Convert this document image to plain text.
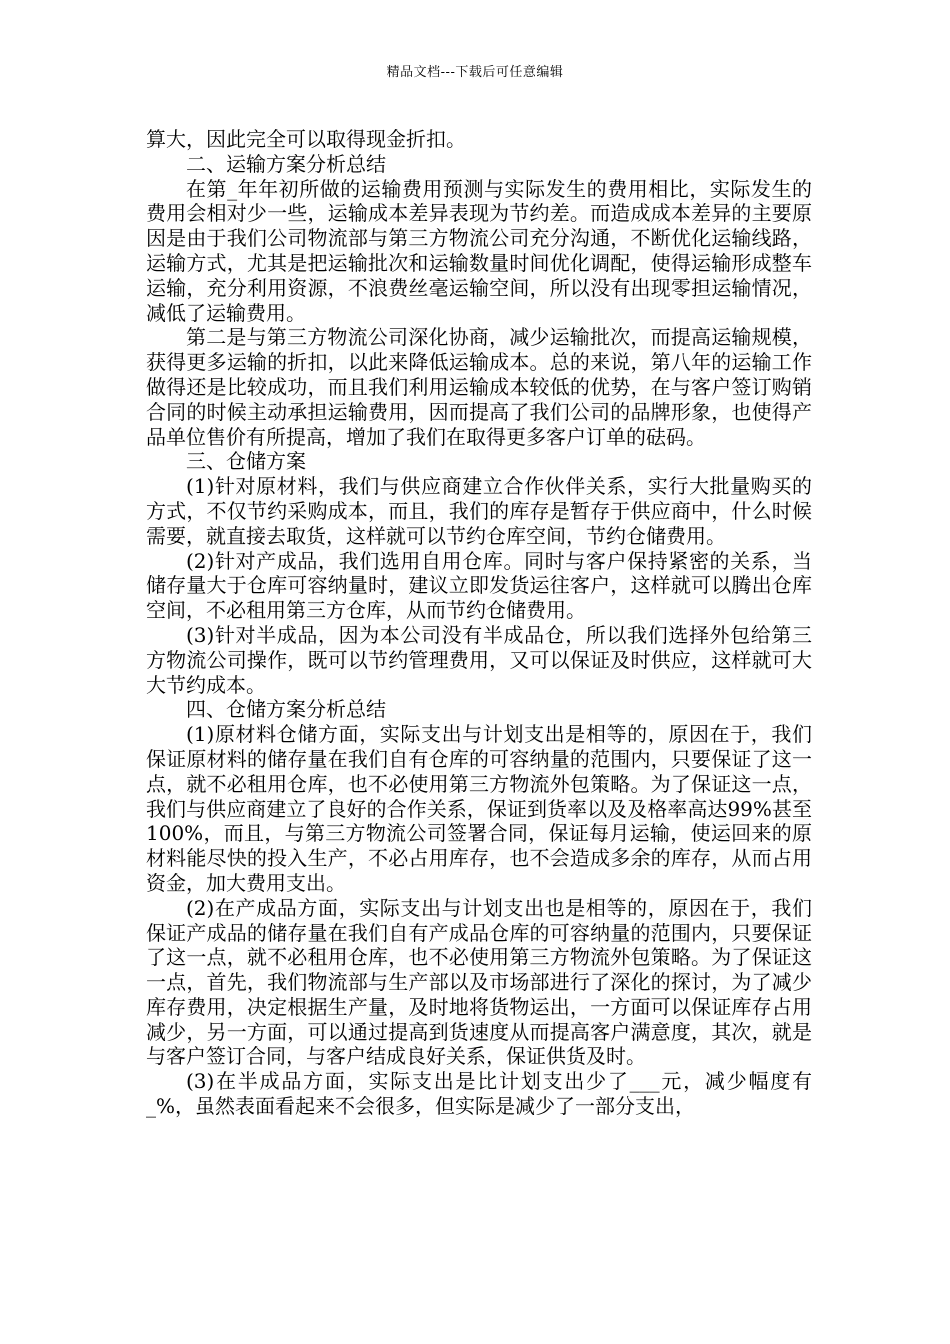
精品文档---下载后可任意编辑

算大，因此完全可以取得现金折扣。

二、运输方案分析总结

在第_年年初所做的运输费用预测与实际发生的费用相比，实际发生的费用会相对少一些，运输成本差异表现为节约差。而造成成本差异的主要原因是由于我们公司物流部与第三方物流公司充分沟通，不断优化运输线路，运输方式，尤其是把运输批次和运输数量时间优化调配，使得运输形成整车运输，充分利用资源，不浪费丝毫运输空间，所以没有出现零担运输情况，减低了运输费用。

第二是与第三方物流公司深化协商，减少运输批次，而提高运输规模，获得更多运输的折扣，以此来降低运输成本。总的来说，第八年的运输工作做得还是比较成功，而且我们利用运输成本较低的优势，在与客户签订购销合同的时候主动承担运输费用，因而提高了我们公司的品牌形象，也使得产品单位售价有所提高，增加了我们在取得更多客户订单的砝码。

三、仓储方案

(1)针对原材料，我们与供应商建立合作伙伴关系，实行大批量购买的方式，不仅节约采购成本，而且，我们的库存是暂存于供应商中，什么时候需要，就直接去取货，这样就可以节约仓库空间，节约仓储费用。

(2)针对产成品，我们选用自用仓库。同时与客户保持紧密的关系，当储存量大于仓库可容纳量时，建议立即发货运往客户，这样就可以腾出仓库空间，不必租用第三方仓库，从而节约仓储费用。

(3)针对半成品，因为本公司没有半成品仓，所以我们选择外包给第三方物流公司操作，既可以节约管理费用，又可以保证及时供应，这样就可大大节约成本。

四、仓储方案分析总结

(1)原材料仓储方面，实际支出与计划支出是相等的，原因在于，我们保证原材料的储存量在我们自有仓库的可容纳量的范围内，只要保证了这一点，就不必租用仓库，也不必使用第三方物流外包策略。为了保证这一点，我们与供应商建立了良好的合作关系，保证到货率以及及格率高达99%甚至100%，而且，与第三方物流公司签署合同，保证每月运输，使运回来的原材料能尽快的投入生产，不必占用库存，也不会造成多余的库存，从而占用资金，加大费用支出。

(2)在产成品方面，实际支出与计划支出也是相等的，原因在于，我们保证产成品的储存量在我们自有产成品仓库的可容纳量的范围内，只要保证了这一点，就不必租用仓库，也不必使用第三方物流外包策略。为了保证这一点，首先，我们物流部与生产部以及市场部进行了深化的探讨，为了减少库存费用，决定根据生产量，及时地将货物运出，一方面可以保证库存占用减少，另一方面，可以通过提高到货速度从而提高客户满意度，其次，就是与客户签订合同，与客户结成良好关系，保证供货及时。

(3)在半成品方面，实际支出是比计划支出少了___元，减少幅度有_%，虽然表面看起来不会很多，但实际是减少了一部分支出，
